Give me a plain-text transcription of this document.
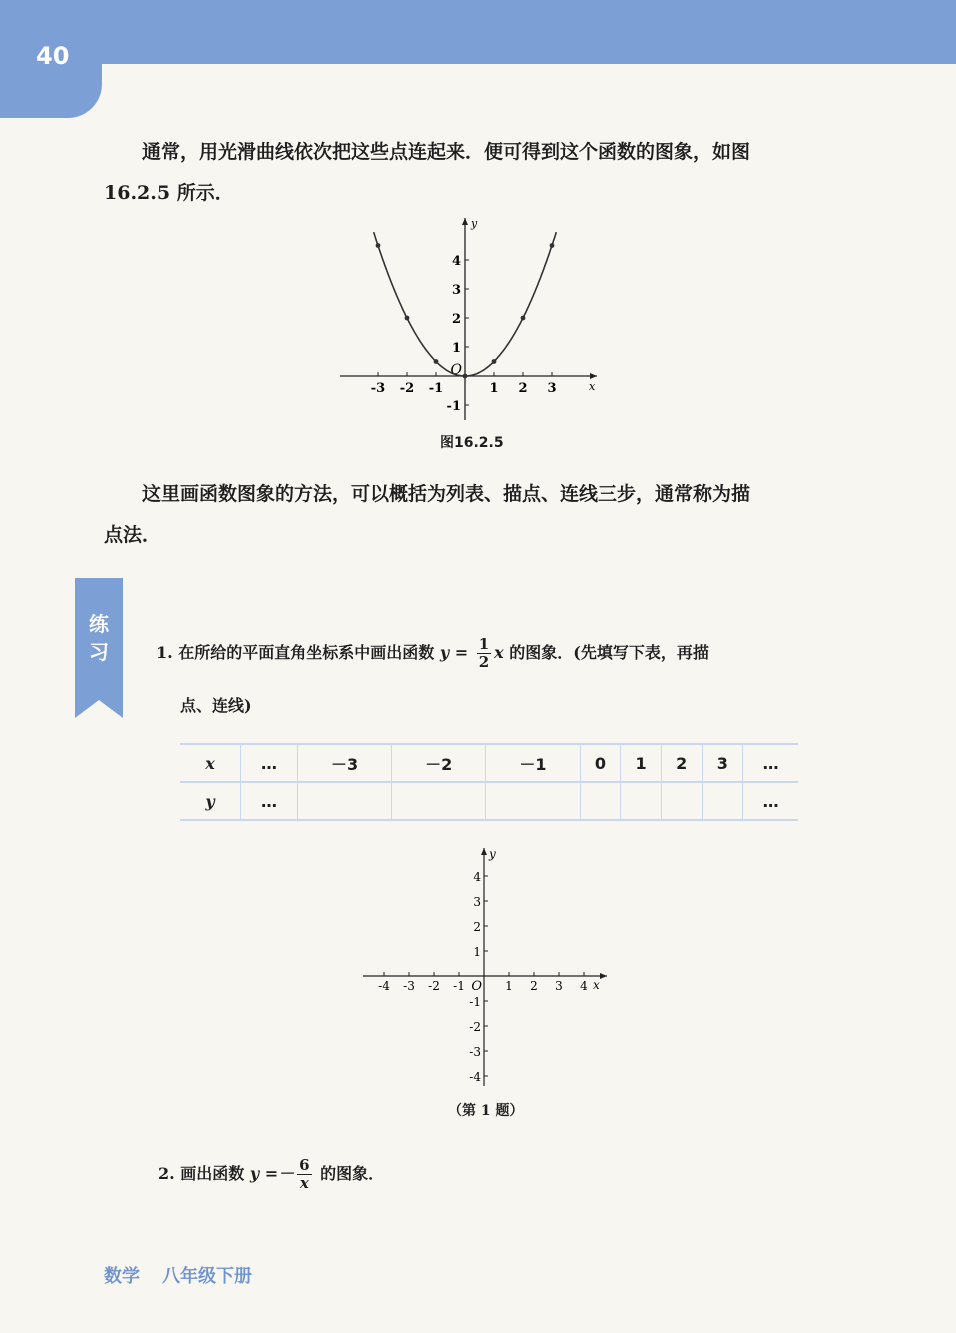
40

通常，用光滑曲线依次把这些点连起来．便可得到这个函数的图象，如图
16.2.5 所示．

-3 -2 -1	1 2 3
4
3
2
1
-1
O
x
y
图16.2.5

这里画函数图象的方法，可以概括为列表、描点、连线三步，通常称为描
点法．

练
习	1. 在所给的平面直角坐标系中画出函数 $y = \frac{1}{2}$ x 的图象．(先填写下表，再描
点、连线)
x	…	－3	－2	－1	0	1	2	3	…
y	…								…
-4 -3 -2 -1	1 2 3 4
4
3
2
1
-1
-2
-3
-4
O	x
y
（第 1 题）
2. 画出函数 $y =- \frac{6}{x}$ 的图象．
数学 八年级下册
